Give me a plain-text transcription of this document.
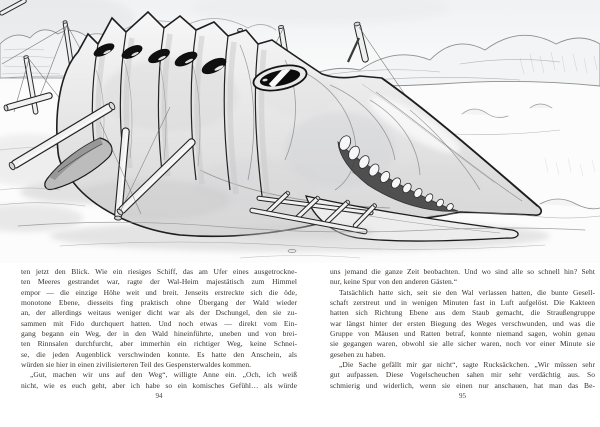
ten jetzt den Blick. Wie ein riesiges Schiff, das am Ufer eines ausgetrockne-
ten Meeres gestrandet war, ragte der Wal-Heim majestätisch zum Himmel
empor — die einzige Höhe weit und breit. Jenseits erstreckte sich die öde,
monotone Ebene, diesseits fing praktisch ohne Übergang der Wald wieder
an, der allerdings weitaus weniger dicht war als der Dschungel, den sie zu-
sammen mit Fido durchquert hatten. Und noch etwas — direkt vom Ein-
gang begann ein Weg, der in den Wald hineinführte, uneben und von brei-
ten Rinnsalen durchfurcht, aber immerhin ein richtiger Weg, keine Schnei-
se, die jeden Augenblick verschwinden konnte. Es hatte den Anschein, als
würden sie hier in einen zivilisierteren Teil des Gespensterwaldes kommen.
„Gut, machen wir uns auf den Weg“, willigte Anne ein. „Och, ich weiß
nicht, wie es euch geht, aber ich habe so ein komisches Gefühl… als würde
uns jemand die ganze Zeit beobachten. Und wo sind alle so schnell hin? Seht
nur, keine Spur von den anderen Gästen.“
Tatsächlich hatte sich, seit sie den Wal verlassen hatten, die bunte Gesell-
schaft zerstreut und in wenigen Minuten fast in Luft aufgelöst. Die Kakteen
hatten sich Richtung Ebene aus dem Staub gemacht, die Straußengruppe
war längst hinter der ersten Biegung des Weges verschwunden, und was die
Gruppe von Mäusen und Ratten betraf, konnte niemand sagen, wohin genau
sie gegangen waren, obwohl sie alle sicher waren, noch vor einer Minute sie
gesehen zu haben.
„Die Sache gefällt mir gar nicht“, sagte Rucksäckchen. „Wir müssen sehr
gut aufpassen. Diese Vogelscheuchen sahen mir sehr verdächtig aus. So
schmierig und widerlich, wenn sie einen nur anschauen, hat man das Be-
94	95
